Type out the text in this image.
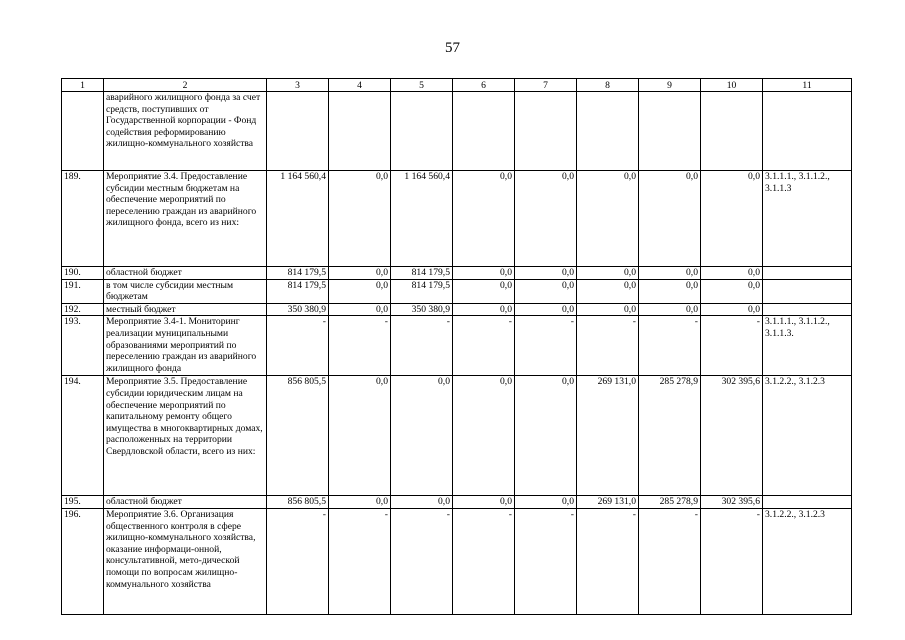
57
1	2	3	4	5	6	7	8	9	10	11
	аварийного жилищного фонда за счет средств, поступивших от Государственной корпорации - Фонд содействия реформированию жилищно-коммунального хозяйства									
189.	Мероприятие 3.4. Предоставление субсидии местным бюджетам на обеспечение мероприятий по переселению граждан из аварийного жилищного фонда, всего из них:	1 164 560,4	0,0	1 164 560,4	0,0	0,0	0,0	0,0	0,0	3.1.1.1., 3.1.1.2., 3.1.1.3
190.	областной бюджет	814 179,5	0,0	814 179,5	0,0	0,0	0,0	0,0	0,0	
191.	в том числе субсидии местным бюджетам	814 179,5	0,0	814 179,5	0,0	0,0	0,0	0,0	0,0	
192.	местный бюджет	350 380,9	0,0	350 380,9	0,0	0,0	0,0	0,0	0,0	
193.	Мероприятие 3.4-1. Мониторинг реализации муниципальными образованиями мероприятий по переселению граждан из аварийного жилищного фонда	-	-	-	-	-	-	-	-	3.1.1.1., 3.1.1.2., 3.1.1.3.
194.	Мероприятие 3.5. Предоставление субсидии юридическим лицам на обеспечение мероприятий по капитальному ремонту общего имущества в многоквартирных домах, расположенных на территории Свердловской области, всего из них:	856 805,5	0,0	0,0	0,0	0,0	269 131,0	285 278,9	302 395,6	3.1.2.2., 3.1.2.3
195.	областной бюджет	856 805,5	0,0	0,0	0,0	0,0	269 131,0	285 278,9	302 395,6	
196.	Мероприятие 3.6. Организация общественного контроля в сфере жилищно-коммунального хозяйства, оказание информаци-онной, консультативной, мето-дической помощи по вопросам жилищно-коммунального хозяйства	-	-	-	-	-	-	-	-	3.1.2.2., 3.1.2.3
